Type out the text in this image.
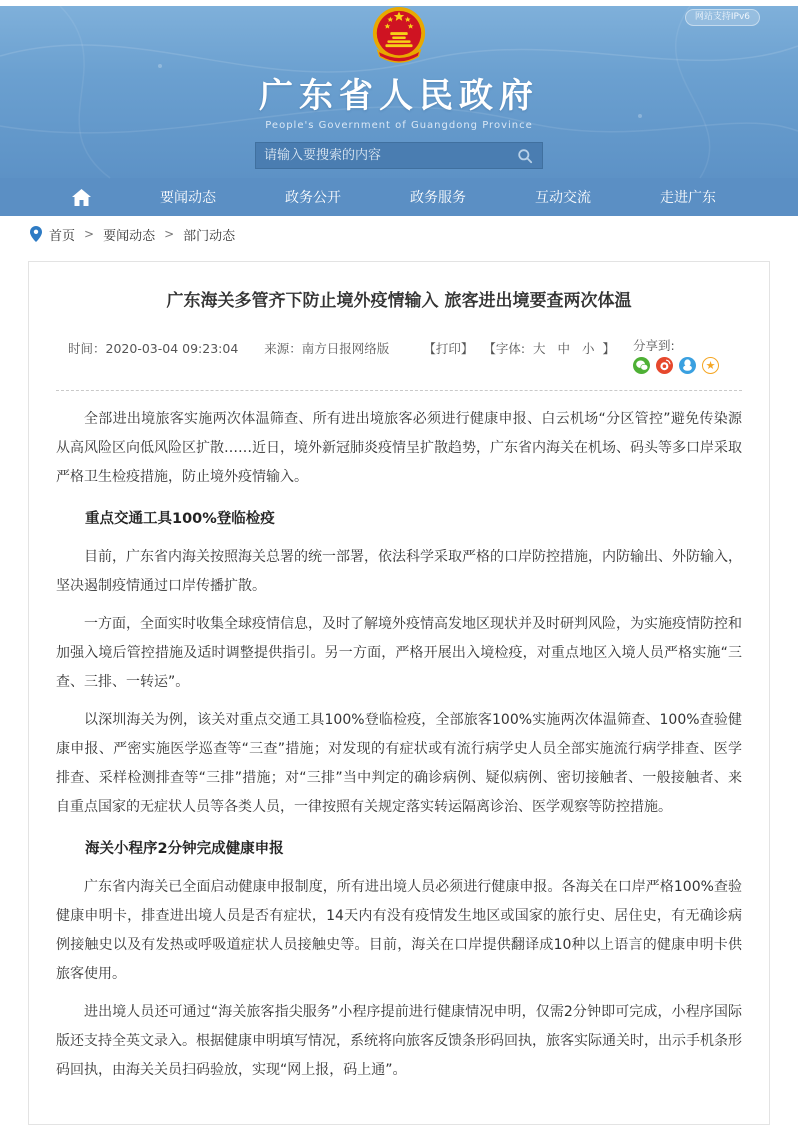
网站支持IPv6
广东省人民政府
People's Government of Guangdong Province
请输入要搜索的内容
要闻动态	政务公开	政务服务	互动交流	走进广东
首页 > 要闻动态 > 部门动态
广东海关多管齐下防止境外疫情输入 旅客进出境要查两次体温
时间：2020-03-04 09:23:04 来源：南方日报网络版	【打印】 【字体: 大 中 小 】 分享到:
★

全部进出境旅客实施两次体温筛查、所有进出境旅客必须进行健康申报、白云机场“分区管控”避免传染源从高风险区向低风险区扩散……近日，境外新冠肺炎疫情呈扩散趋势，广东省内海关在机场、码头等多口岸采取严格卫生检疫措施，防止境外疫情输入。

重点交通工具100%登临检疫

目前，广东省内海关按照海关总署的统一部署，依法科学采取严格的口岸防控措施，内防输出、外防输入，坚决遏制疫情通过口岸传播扩散。

一方面，全面实时收集全球疫情信息，及时了解境外疫情高发地区现状并及时研判风险，为实施疫情防控和加强入境后管控措施及适时调整提供指引。另一方面，严格开展出入境检疫，对重点地区入境人员严格实施“三查、三排、一转运”。

以深圳海关为例，该关对重点交通工具100%登临检疫，全部旅客100%实施两次体温筛查、100%查验健康申报、严密实施医学巡查等“三查”措施；对发现的有症状或有流行病学史人员全部实施流行病学排查、医学排查、采样检测排查等“三排”措施；对“三排”当中判定的确诊病例、疑似病例、密切接触者、一般接触者、来自重点国家的无症状人员等各类人员，一律按照有关规定落实转运隔离诊治、医学观察等防控措施。

海关小程序2分钟完成健康申报

广东省内海关已全面启动健康申报制度，所有进出境人员必须进行健康申报。各海关在口岸严格100%查验健康申明卡，排查进出境人员是否有症状，14天内有没有疫情发生地区或国家的旅行史、居住史，有无确诊病例接触史以及有发热或呼吸道症状人员接触史等。目前，海关在口岸提供翻译成10种以上语言的健康申明卡供旅客使用。

进出境人员还可通过“海关旅客指尖服务”小程序提前进行健康情况申明，仅需2分钟即可完成，小程序国际版还支持全英文录入。根据健康申明填写情况，系统将向旅客反馈条形码回执，旅客实际通关时，出示手机条形码回执，由海关关员扫码验放，实现“网上报，码上通”。
